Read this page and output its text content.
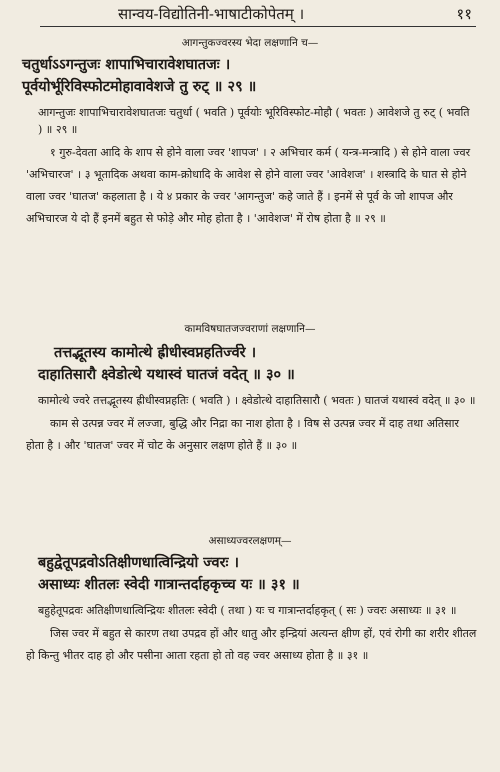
सान्वय-विद्योतिनी-भाषाटीकोपेतम् ।	११

आगन्तुकज्वरस्य भेदा लक्षणानि च—

चतुर्धाऽऽगन्तुजः शापाभिचारावेशघातजः ।

पूर्वयोर्भूरिविस्फोटमोहावावेशजे तु रुट् ॥ २९ ॥

आगन्तुजः शापाभिचारावेशघातजः चतुर्धा ( भवति ) पूर्वयोः भूरिविस्फोट-मोहौ ( भवतः ) आवेशजे तु रुट् ( भवति ) ॥ २९ ॥

१ गुरु-देवता आदि के शाप से होने वाला ज्वर 'शापज' । २ अभिचार कर्म ( यन्त्र-मन्त्रादि ) से होने वाला ज्वर 'अभिचारज' । ३ भूतादिक अथवा काम-क्रोधादि के आवेश से होने वाला ज्वर 'आवेशज' । शस्त्रादि के घात से होने वाला ज्वर 'घातज' कहलाता है । ये ४ प्रकार के ज्वर 'आगन्तुज' कहे जाते हैं । इनमें से पूर्व के जो शापज और अभिचारज ये दो हैं इनमें बहुत से फोड़े और मोह होता है । 'आवेशज' में रोष होता है ॥ २९ ॥

कामविषघातजज्वराणां लक्षणानि—

तत्तद्भूतस्य कामोत्थे ह्रीधीस्वप्नहतिर्ज्वरे ।

दाहातिसारौ क्ष्वेडोत्थे यथास्वं घातजं वदेत् ॥ ३० ॥

कामोत्थे ज्वरे तत्तद्भूतस्य ह्रीधीस्वप्नहतिः ( भवति ) । क्ष्वेडोत्थे दाहातिसारौ ( भवतः ) घातजं यथास्वं वदेत् ॥ ३० ॥

काम से उत्पन्न ज्वर में लज्जा, बुद्धि और निद्रा का नाश होता है । विष से उत्पन्न ज्वर में दाह तथा अतिसार होता है । और 'घातज' ज्वर में चोट के अनुसार लक्षण होते हैं ॥ ३० ॥

असाध्यज्वरलक्षणम्—

बहुद्वेतूपद्रवोऽतिक्षीणधात्विन्द्रियो ज्वरः ।

असाध्यः शीतलः स्वेदी गात्रान्तर्दाहकृच्च यः ॥ ३१ ॥

बहुहेतूपद्रवः अतिक्षीणधात्विन्द्रियः शीतलः स्वेदी ( तथा ) यः च गात्रान्तर्दाहकृत् ( सः ) ज्वरः असाध्यः ॥ ३१ ॥

जिस ज्वर में बहुत से कारण तथा उपद्रव हों और धातु और इन्द्रियां अत्यन्त क्षीण हों, एवं रोगी का शरीर शीतल हो किन्तु भीतर दाह हो और पसीना आता रहता हो तो वह ज्वर असाध्य होता है ॥ ३१ ॥
